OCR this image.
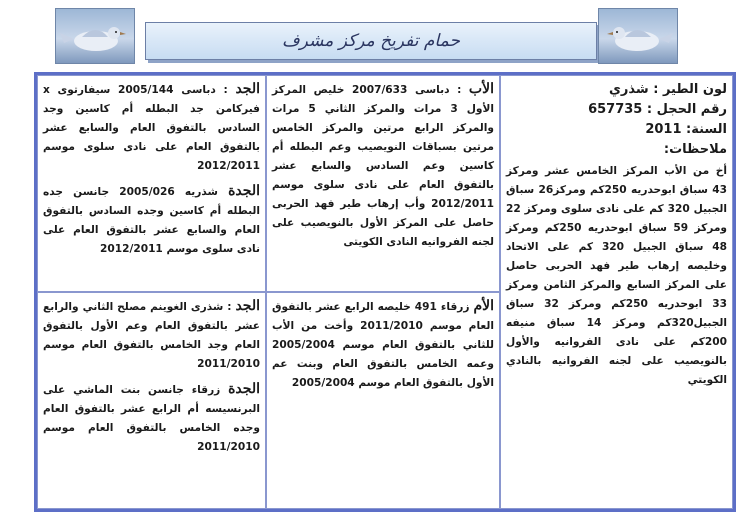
حمام تفريخ مركز مشرف
الجد : دباسى 2005/144 سيفارتوى x فيركامن جد البطله أم كاسين وجد السادس بالتفوق العام والسابع عشر بالتفوق العام على نادى سلوى موسم 2012/2011
الجدة شذريه 2005/026 جانسن جده البطله أم كاسين وجده السادس بالتفوق العام والسابع عشر بالتفوق العام على نادى سلوى موسم 2012/2011
الجد : شذرى الغوينم مصلح الثاني والرابع عشر بالتفوق العام وعم الأول بالتفوق العام وجد الخامس بالتفوق العام موسم 2011/2010
الجدة زرقاء جانسن بنت الماشي على البرنسيسه أم الرابع عشر بالتفوق العام وجده الخامس بالتفوق العام موسم 2011/2010
الأب : دباسى 2007/633 خليص المركز الأول 3 مرات والمركز الثاني 5 مرات والمركز الرابع مرتين والمركز الخامس مرتين بسباقات النويصيب وعم البطله أم كاسين وعم السادس والسابع عشر بالتفوق العام على نادى سلوى موسم 2012/2011 وأب إرهاب طير فهد الحربى حاصل على المركز الأول بالنويصيب على لجنه الفروانيه النادى الكويتى
الأم زرقاء 491 خليصه الرابع عشر بالتفوق العام موسم 2011/2010 وأخت من الأب للثاني بالتفوق العام موسم 2005/2004 وعمه الخامس بالتفوق العام وبنت عم الأول بالتفوق العام موسم 2005/2004
لون الطير : شذري
رقم الحجل : 657735
السنة: 2011
ملاحظات:
أخ من الأب المركز الخامس عشر ومركز 43 سباق ابوحدريه 250كم ومركز26 سباق الجبيل 320 كم على نادى سلوى ومركز 22 ومركز 59 سباق ابوحدريه 250كم ومركز 48 سباق الجبيل 320 كم على الاتحاد وخليصه إرهاب طير فهد الحربى حاصل على المركز السابع والمركز الثامن ومركز 33 ابوحدريه 250كم ومركز 32 سباق الجبيل320كم ومركز 14 سباق منيفه 200كم على نادى الفروانيه والأول بالنويصيب على لجنه الفروانيه بالنادي الكويتي
